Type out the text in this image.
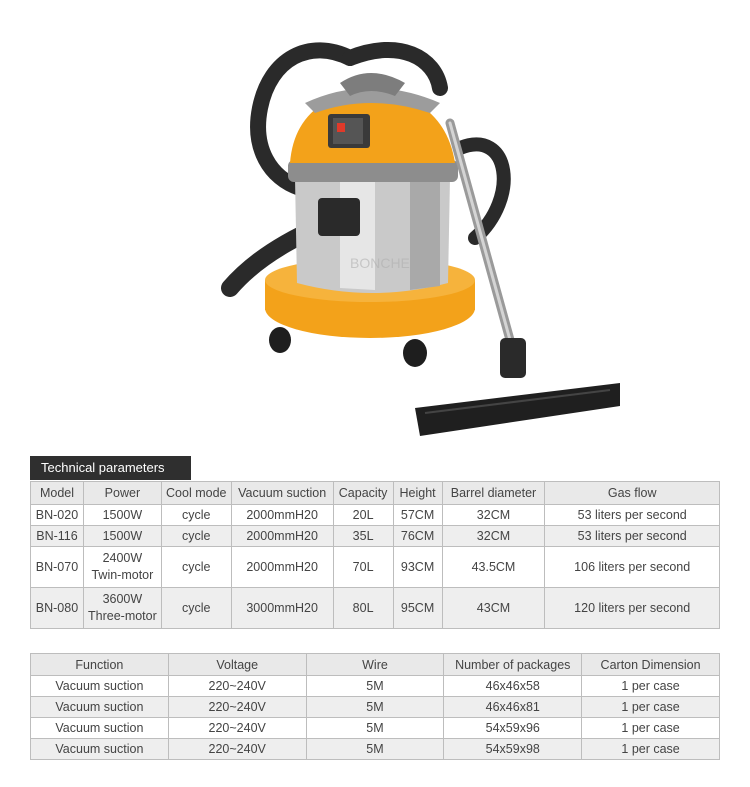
BONCHE
Technical parameters
Model	Power	Cool mode	Vacuum suction	Capacity	Height	Barrel diameter	Gas flow
BN-020	1500W	cycle	2000mmH20	20L	57CM	32CM	53 liters per second
BN-116	1500W	cycle	2000mmH20	35L	76CM	32CM	53 liters per second
BN-070	2400W Twin-motor	cycle	2000mmH20	70L	93CM	43.5CM	106 liters per second
BN-080	3600W Three-motor	cycle	3000mmH20	80L	95CM	43CM	120 liters per second
Function	Voltage	Wire	Number of packages	Carton Dimension
Vacuum suction	220~240V	5M	46x46x58	1 per case
Vacuum suction	220~240V	5M	46x46x81	1 per case
Vacuum suction	220~240V	5M	54x59x96	1 per case
Vacuum suction	220~240V	5M	54x59x98	1 per case
